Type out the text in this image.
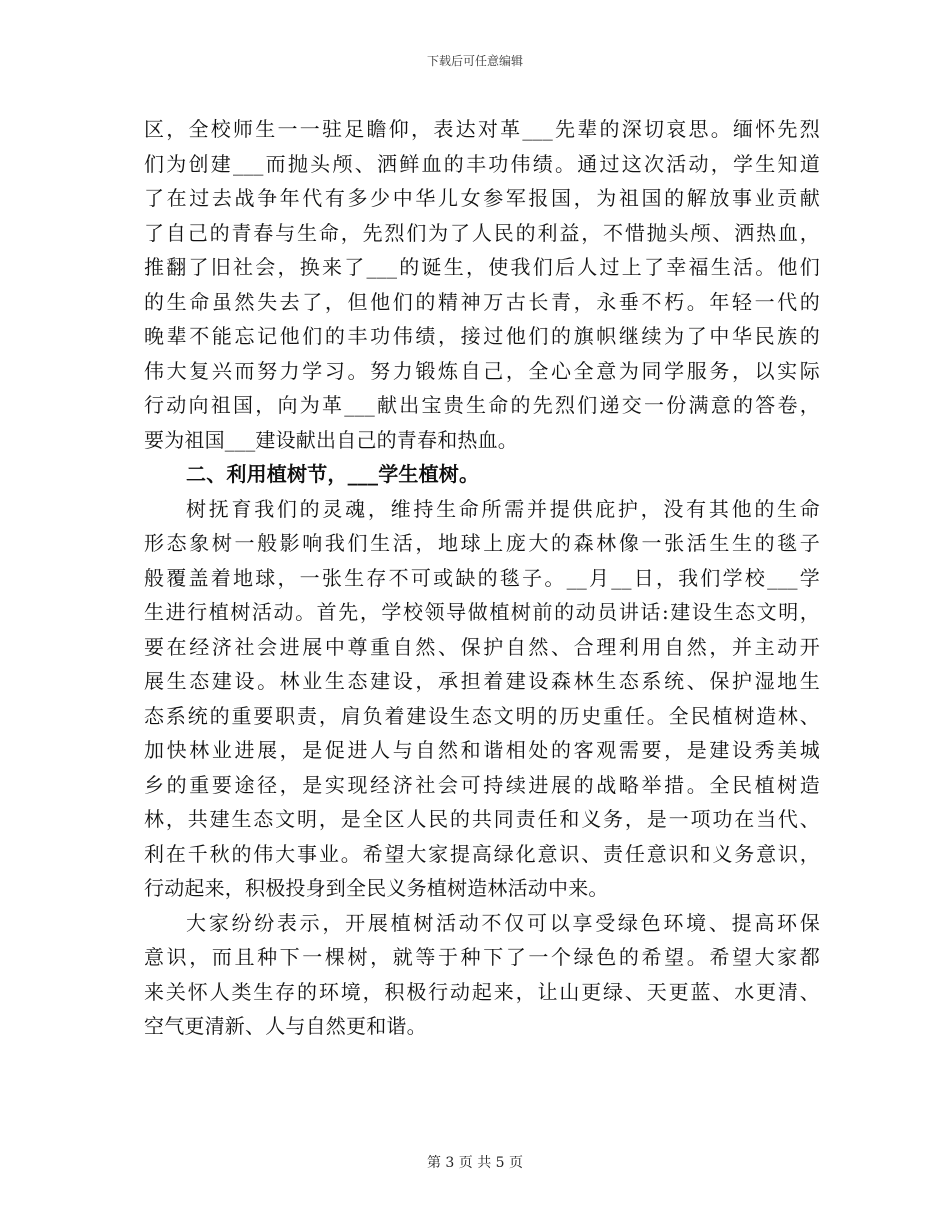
下载后可任意编辑
区，全校师生一一驻足瞻仰，表达对革___先辈的深切哀思。缅怀先烈
们为创建___而抛头颅、洒鲜血的丰功伟绩。通过这次活动，学生知道
了在过去战争年代有多少中华儿女参军报国，为祖国的解放事业贡献
了自己的青春与生命，先烈们为了人民的利益，不惜抛头颅、洒热血，
推翻了旧社会，换来了___的诞生，使我们后人过上了幸福生活。他们
的生命虽然失去了，但他们的精神万古长青，永垂不朽。年轻一代的
晚辈不能忘记他们的丰功伟绩，接过他们的旗帜继续为了中华民族的
伟大复兴而努力学习。努力锻炼自己，全心全意为同学服务，以实际
行动向祖国，向为革___献出宝贵生命的先烈们递交一份满意的答卷，
要为祖国___建设献出自己的青春和热血。
二、利用植树节，___学生植树。
树抚育我们的灵魂，维持生命所需并提供庇护，没有其他的生命
形态象树一般影响我们生活，地球上庞大的森林像一张活生生的毯子
般覆盖着地球，一张生存不可或缺的毯子。__月__日，我们学校___学
生进行植树活动。首先，学校领导做植树前的动员讲话:建设生态文明，
要在经济社会进展中尊重自然、保护自然、合理利用自然，并主动开
展生态建设。林业生态建设，承担着建设森林生态系统、保护湿地生
态系统的重要职责，肩负着建设生态文明的历史重任。全民植树造林、
加快林业进展，是促进人与自然和谐相处的客观需要，是建设秀美城
乡的重要途径，是实现经济社会可持续进展的战略举措。全民植树造
林，共建生态文明，是全区人民的共同责任和义务，是一项功在当代、
利在千秋的伟大事业。希望大家提高绿化意识、责任意识和义务意识，
行动起来，积极投身到全民义务植树造林活动中来。
大家纷纷表示，开展植树活动不仅可以享受绿色环境、提高环保
意识，而且种下一棵树，就等于种下了一个绿色的希望。希望大家都
来关怀人类生存的环境，积极行动起来，让山更绿、天更蓝、水更清、
空气更清新、人与自然更和谐。
第 3 页 共 5 页
